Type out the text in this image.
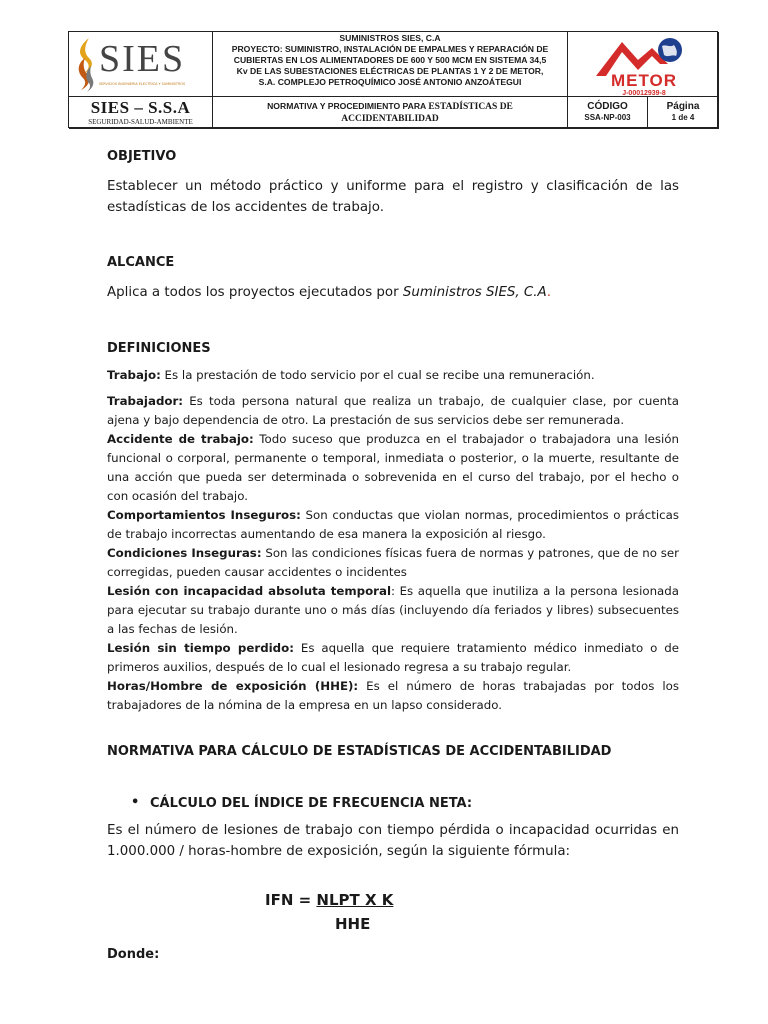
SIES
SERVICIOS INGENIERIA ELECTRICA Y SUMINISTROS
SUMINISTROS SIES, C.A
PROYECTO: SUMINISTRO, INSTALACIÓN DE EMPALMES Y REPARACIÓN DE
CUBIERTAS EN LOS ALIMENTADORES DE 600 Y 500 MCM EN SISTEMA 34,5
Kv DE LAS SUBESTACIONES ELÉCTRICAS DE PLANTAS 1 Y 2 DE METOR,
S.A. COMPLEJO PETROQUÍMICO JOSÉ ANTONIO ANZOÁTEGUI	METOR
J-00012939-8
SIES – S.S.A
SEGURIDAD-SALUD-AMBIENTE
NORMATIVA Y PROCEDIMIENTO PARA ESTADÍSTICAS DE
ACCIDENTABILIDAD
CÓDIGO
SSA-NP-003
Página
1 de 4
OBJETIVO
Establecer un método práctico y uniforme para el registro y clasificación de las estadísticas de los accidentes de trabajo.
ALCANCE
Aplica a todos los proyectos ejecutados por Suministros SIES, C.A.
DEFINICIONES
Trabajo: Es la prestación de todo servicio por el cual se recibe una remuneración.
Trabajador: Es toda persona natural que realiza un trabajo, de cualquier clase, por cuenta ajena y bajo dependencia de otro. La prestación de sus servicios debe ser remunerada.
Accidente de trabajo: Todo suceso que produzca en el trabajador o trabajadora una lesión funcional o corporal, permanente o temporal, inmediata o posterior, o la muerte, resultante de una acción que pueda ser determinada o sobrevenida en el curso del trabajo, por el hecho o con ocasión del trabajo.
Comportamientos Inseguros: Son conductas que violan normas, procedimientos o prácticas de trabajo incorrectas aumentando de esa manera la exposición al riesgo.
Condiciones Inseguras: Son las condiciones físicas fuera de normas y patrones, que de no ser corregidas, pueden causar accidentes o incidentes
Lesión con incapacidad absoluta temporal: Es aquella que inutiliza a la persona lesionada para ejecutar su trabajo durante uno o más días (incluyendo día feriados y libres) subsecuentes a las fechas de lesión.
Lesión sin tiempo perdido: Es aquella que requiere tratamiento médico inmediato o de primeros auxilios, después de lo cual el lesionado regresa a su trabajo regular.
Horas/Hombre de exposición (HHE): Es el número de horas trabajadas por todos los trabajadores de la nómina de la empresa en un lapso considerado.
NORMATIVA PARA CÁLCULO DE ESTADÍSTICAS DE ACCIDENTABILIDAD
• CÁLCULO DEL ÍNDICE DE FRECUENCIA NETA:
Es el número de lesiones de trabajo con tiempo pérdida o incapacidad ocurridas en 1.000.000 / horas-hombre de exposición, según la siguiente fórmula:
IFN = NLPT X K
HHE
Donde:
